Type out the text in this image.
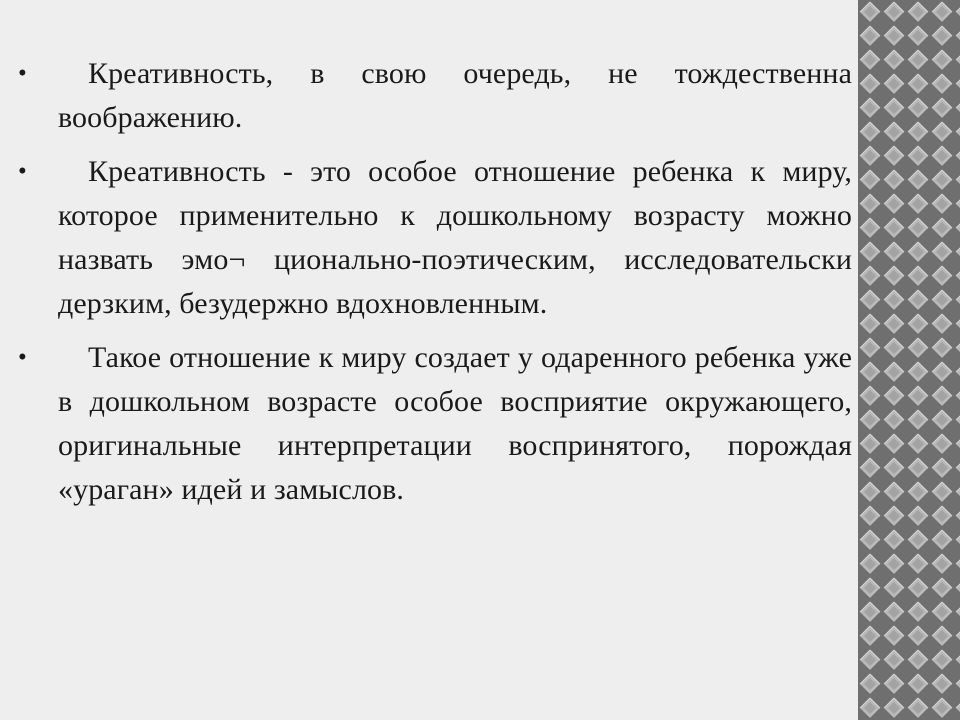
•	Креативность, в свою очередь, не тождественна воображению.

•	Креативность - это особое отношение ребенка к миру, которое применительно к дошкольному возрасту можно назвать эмо¬ ционально-поэтическим, исследовательски дерзким, безудержно вдохновленным.

•	Такое отношение к миру создает у одаренного ребенка уже в дошкольном возрасте особое восприятие окружающего, оригинальные интерпретации воспринятого, порождая «ураган» идей и замыслов.
